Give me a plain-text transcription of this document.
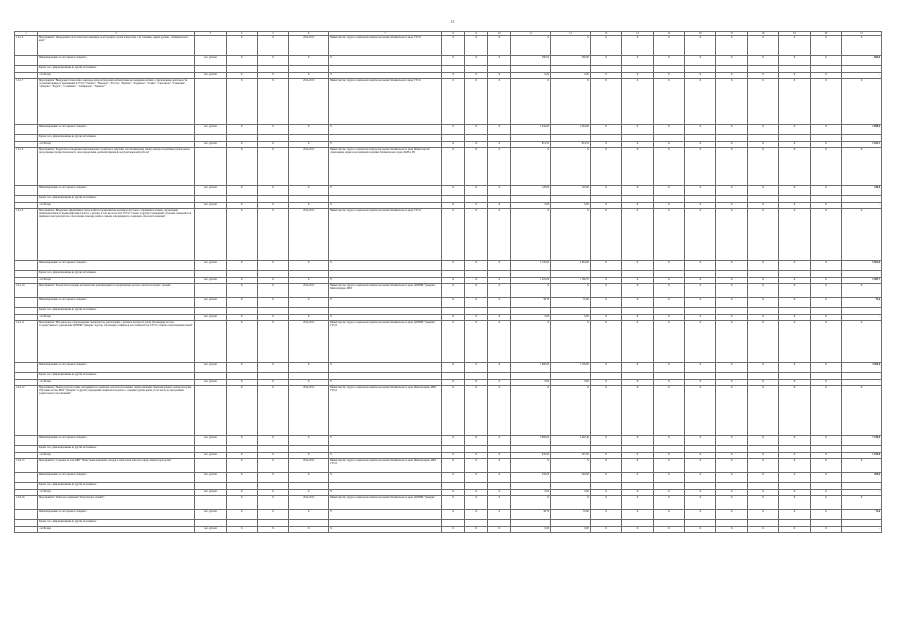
11
1	2	3	4	5	6	7	8	9	10	11	12	13	14	15	16	17	18	19	20	21
1.6.1.6	Мероприятие "Проведение в Х-й областной семейных, всестороннего детей и взрослых с их семьями, оценка уровня... Забайкальского края"		Х	Х	2014-2015	Министерство труда и социальной защиты населения Забайкальского края, ГУСО	Х	Х	Х	Х	Х	Х	Х	Х	Х	Х	Х	Х	Х	Х
	Финансирование за счет краевого бюджета	тыс. рублей	Х	Х	Х	Х	Х	Х	Х	300,00	300,00	Х	Х	Х	Х	Х	Х	Х	Х	600,0
	Кроме того, финансирование из других источников:																			
	- из Фонда	тыс. рублей	Х	Х	Х	Х	Х	Х	Х	0,00	0,00	Х	Х	Х	Х	Х	Х	Х	Х	-
1.6.1.7	Мероприятие "Внедрение технологии социально-психологической реабилитации несовершеннолетних, сопровождение деятельности отделений дневного пребывания в ГУСО "Улыбка", "Надежда", "Росток", "Берёзка", "Родничок", "Семья", "Светлячок", "Гармония", "Доверие", "Радуга", "Солнышко", "Сибирячок", "Теремок""		Х	Х	2014-2015	Министерство труда и социальной защиты населения Забайкальского края, ГУСО	Х	Х	Х	Х	Х	Х	Х	Х	Х	Х	Х	Х	Х	Х
	Финансирование за счет краевого бюджета	тыс. рублей	Х	Х	Х	Х	Х	Х	Х	1 044,00	1 044,00	Х	Х	Х	Х	Х	Х	Х	Х	2 088,0
	Кроме того, финансирование из других источников:																			
	- из Фонда	тыс. рублей	Х	Х	Х	Х	Х	Х	Х	814,55	814,55	Х	Х	Х	Х	Х	Х	Х	Х	1 629,1
1.6.1.8	Мероприятие "Разработка и внедрение инновационного комплекса действий, обеспечивающих защиту интересов ребёнка группы риска, продолжение профессионального самоопределения, реабилитационной, консультационной работы"		Х	Х	2014-2015	Министерство труда и социальной защиты населения Забайкальского края, Министерство образования, науки и молодёжной политики Забайкальского края, КДН и ЗП	Х	Х	Х	Х	Х	Х	Х	Х	Х	Х	Х	Х	Х	Х
	Финансирование за счет краевого бюджета	тыс. рублей	Х	Х	Х	Х	Х	Х	Х	120,00	120,00	Х	Х	Х	Х	Х	Х	Х	Х	240,0
	Кроме того, финансирование из других источников:																			
	- из Фонда	тыс. рублей	Х	Х	Х	Х	Х	Х	Х	0,00	0,00	Х	Х	Х	Х	Х	Х	Х	Х	-
1.6.1.9	Мероприятие "Внедрение эффективных технологий по профилактике насилия и жестокого обращения в семьях, организация межведомственного взаимодействия в работе с детьми, в том числе на базе ГУСО "Семья" и других учреждений, обучение специалистов приёмам и методам работы, обеспечение помощи детям и семьям, находящимся в социально опасном положении"		Х	Х	2014-2015	Министерство труда и социальной защиты населения Забайкальского края, ГУСО	Х	Х	Х	Х	Х	Х	Х	Х	Х	Х	Х	Х	Х	Х
	Финансирование за счет краевого бюджета	тыс. рублей	Х	Х	Х	Х	Х	Х	Х	2 720,00	2 844,00	Х	Х	Х	Х	Х	Х	Х	Х	5 564,0
	Кроме того, финансирование из других источников:																			
	- из Фонда	тыс. рублей	Х	Х	Х	Х	Х	Х	Х	1 205,00	1 180,70	Х	Х	Х	Х	Х	Х	Х	Х	2 385,7
1.6.1.10	Мероприятие "Разработка и издание методических рекомендаций по профилактике детского неблагополучия с детьми"		Х	Х	2014-2015	Министерство труда и социальной защиты населения Забайкальского края, ЦПППИ "Доверие", Минобрнауки, МБУ	Х	Х	Х	Х	Х	Х	Х	Х	Х	Х	Х	Х	Х	Х
	Финансирование за счет краевого бюджета	тыс. рублей	Х	Х	Х	Х	Х	Х	Х	38,70	35,90	Х	Х	Х	Х	Х	Х	Х	Х	74,6
	Кроме того, финансирование из других источников:																			
	- из Фонда	тыс. рублей	Х	Х	Х	Х	Х	Х	Х	0,00	0,00	Х	Х	Х	Х	Х	Х	Х	Х	-
1.6.1.11	Мероприятие "Методическое сопровождение специалистов, работающих с детьми в интересах детей. Проведение на базе государственного учреждения ЦПППИ "Доверие" курсов, обучающих семинаров для специалистов ГУСО, службы сопровождения семей"		Х	Х	2014-2015	Министерство труда и социальной защиты населения Забайкальского края, ЦПППИ "Доверие", ГУСО	Х	Х	Х	Х	Х	Х	Х	Х	Х	Х	Х	Х	Х	Х
	Финансирование за счет краевого бюджета	тыс. рублей	Х	Х	Х	Х	Х	Х	Х	1 860,00	1 700,00	Х	Х	Х	Х	Х	Х	Х	Х	3 560,0
	Кроме того, финансирование из других источников:																			
	- из Фонда	тыс. рублей	Х	Х	Х	Х	Х	Х	Х	0,00	0,00	Х	Х	Х	Х	Х	Х	Х	Х	-
1.6.1.12	Мероприятие "Новые ресурсы семей, находящихся в социально опасном положении, семей, имеющих признаки раннего неблагополучия. Обучение на базе МБУ "Доверие" и других учреждений специалистов работе с семьями группы риска, в том числе по программам родительского просвещения"		Х	Х	2014-2015	Министерство труда и социальной защиты населения Забайкальского края, Минобрнауки, МБУ, ГУСО	Х	Х	Х	Х	Х	Х	Х	Х	Х	Х	Х	Х	Х	Х
	Финансирование за счет краевого бюджета	тыс. рублей	Х	Х	Х	Х	Х	Х	Х	3 660,00	2 492,40	Х	Х	Х	Х	Х	Х	Х	Х	7 240,0
	Кроме того, финансирование из других источников:																			
	- из Фонда	тыс. рублей	Х	Х	Х	Х	Х	Х	Х	932,92	247,92	Х	Х	Х	Х	Х	Х	Х	Х	1 180,8
1.6.2.15	Мероприятие "Создание на базе МБУ "Баня" мини-компании отходов в технологии работы в сфере защиты прав детей"		Х	Х	2014-2015	Министерство труда и социальной защиты населения Забайкальского края, Минобрнауки, МБУ, ГУСО	Х	Х	Х	Х	Х	Х	Х	Х	Х	Х	Х	Х	Х	Х
	Финансирование за счет краевого бюджета	тыс. рублей	Х	Х	Х	Х	Х	Х	Х	250,00	240,00	Х	Х	Х	Х	Х	Х	Х	Х	490,0
	Кроме того, финансирование из других источников:																			
	- из Фонда	тыс. рублей	Х	Х	Х	Х	Х	Х	Х	0,00	0,00	Х	Х	Х	Х	Х	Х	Х	Х	-
1.6.2.16	Мероприятие "Психолого-правовой "Консультант онлайн""		Х	Х	2014-2015	Министерство труда и социальной защиты населения Забайкальского края, ЦПППИ "Доверие"	Х	Х	Х	Х	Х	Х	Х	Х	Х	Х	Х	Х	Х	Х
	Финансирование за счет краевого бюджета	тыс. рублей	Х	Х	Х	Х	Х	Х	Х	38,70	35,90	Х	Х	Х	Х	Х	Х	Х	Х	74,6
	Кроме того, финансирование из других источников:																			
	- из Фонда	тыс. рублей	Х	Х	Х	Х	Х	Х	Х	0,00	0,00	Х	Х	Х	Х	Х	Х	Х	Х	-
